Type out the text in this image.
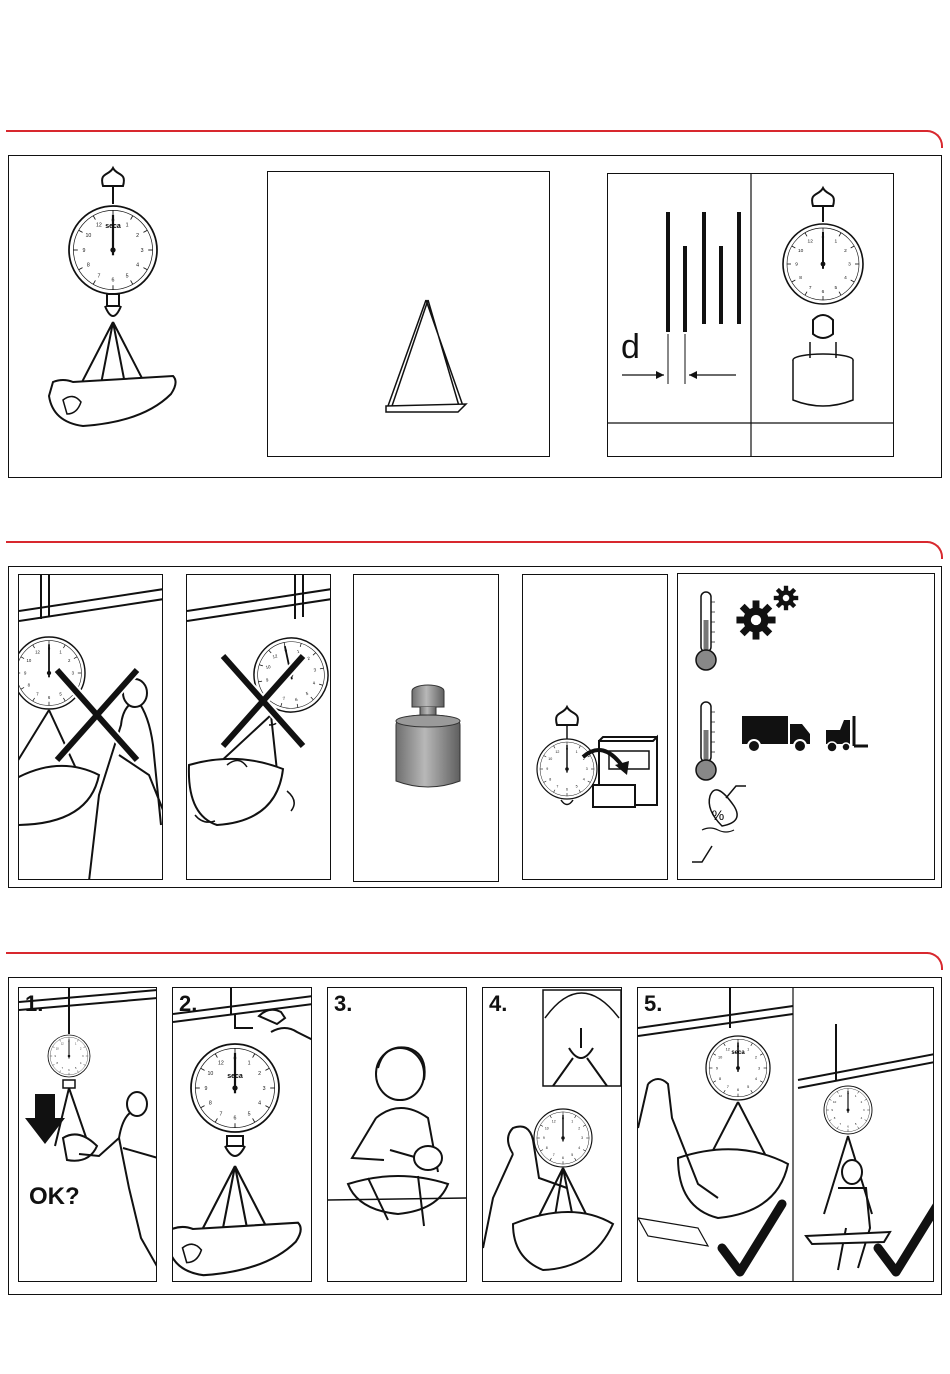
seca
d
%
1.
OK?
seca
2.	3.	4.
seca
5.
